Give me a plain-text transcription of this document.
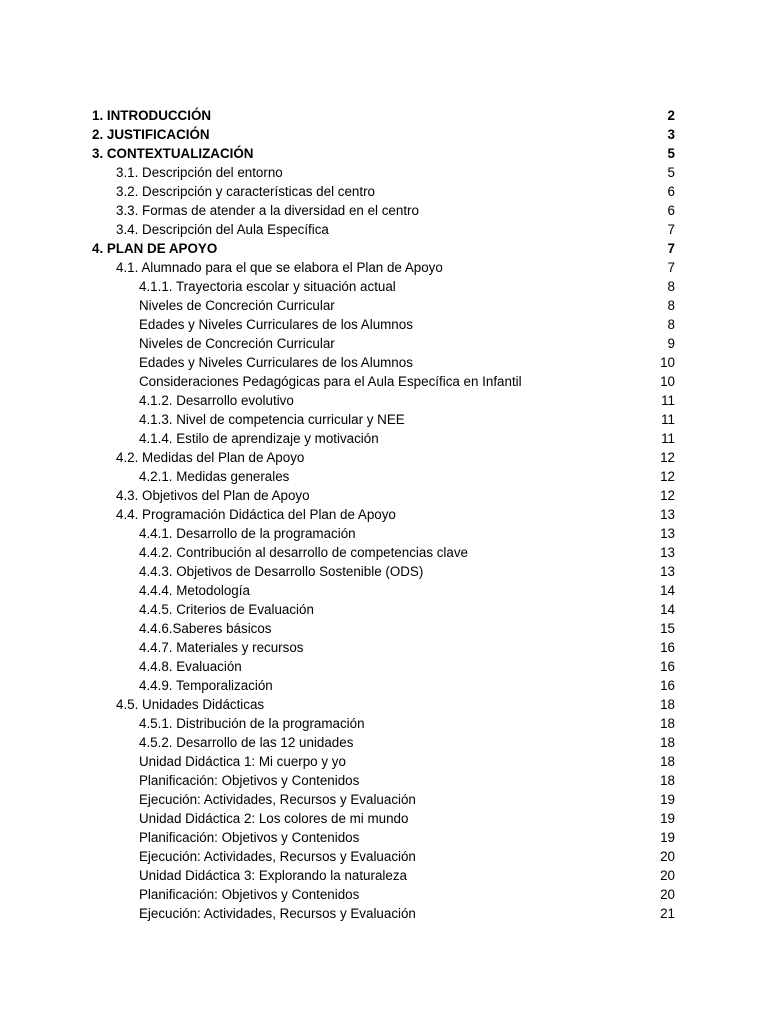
1. INTRODUCCIÓN	2
2. JUSTIFICACIÓN	3
3. CONTEXTUALIZACIÓN	5
3.1. Descripción del entorno	5
3.2. Descripción y características del centro	6
3.3. Formas de atender a la diversidad en el centro	6
3.4. Descripción del Aula Específica	7
4. PLAN DE APOYO	7
4.1. Alumnado para el que se elabora el Plan de Apoyo	7
4.1.1. Trayectoria escolar y situación actual	8
Niveles de Concreción Curricular	8
Edades y Niveles Curriculares de los Alumnos	8
Niveles de Concreción Curricular	9
Edades y Niveles Curriculares de los Alumnos	10
Consideraciones Pedagógicas para el Aula Específica en Infantil	10
4.1.2. Desarrollo evolutivo	11
4.1.3. Nivel de competencia curricular y NEE	11
4.1.4. Estilo de aprendizaje y motivación	11
4.2. Medidas del Plan de Apoyo	12
4.2.1. Medidas generales	12
4.3. Objetivos del Plan de Apoyo	12
4.4. Programación Didáctica del Plan de Apoyo	13
4.4.1. Desarrollo de la programación	13
4.4.2. Contribución al desarrollo de competencias clave	13
4.4.3. Objetivos de Desarrollo Sostenible (ODS)	13
4.4.4. Metodología	14
4.4.5. Criterios de Evaluación	14
4.4.6.Saberes básicos	15
4.4.7. Materiales y recursos	16
4.4.8. Evaluación	16
4.4.9. Temporalización	16
4.5. Unidades Didácticas	18
4.5.1. Distribución de la programación	18
4.5.2. Desarrollo de las 12 unidades	18
Unidad Didáctica 1: Mi cuerpo y yo	18
Planificación: Objetivos y Contenidos	18
Ejecución: Actividades, Recursos y Evaluación	19
Unidad Didáctica 2: Los colores de mi mundo	19
Planificación: Objetivos y Contenidos	19
Ejecución: Actividades, Recursos y Evaluación	20
Unidad Didáctica 3: Explorando la naturaleza	20
Planificación: Objetivos y Contenidos	20
Ejecución: Actividades, Recursos y Evaluación	21
